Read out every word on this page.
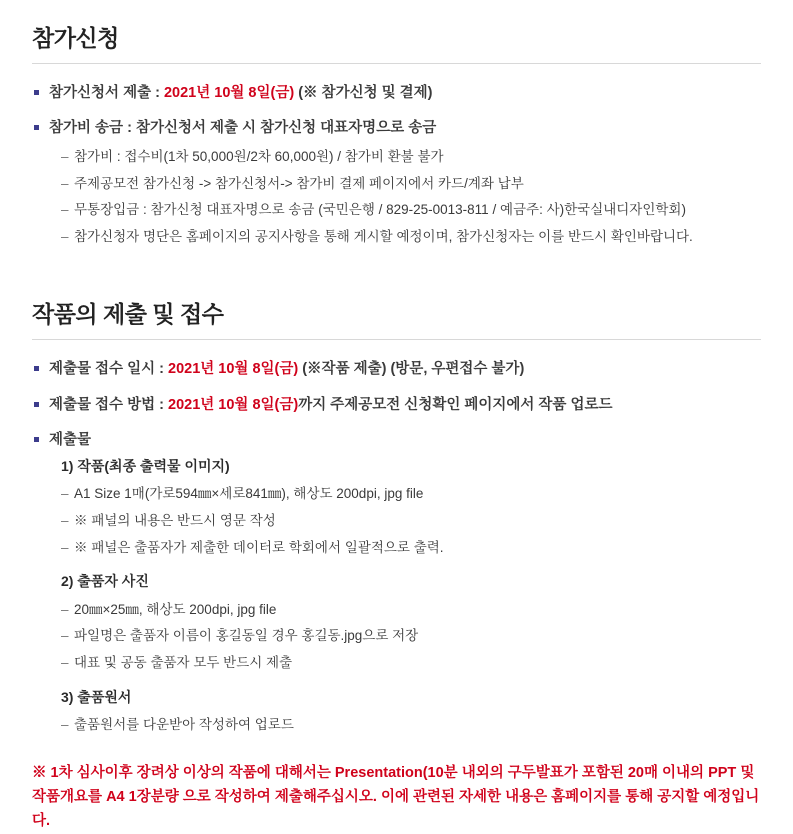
참가신청
참가신청서 제출 : 2021년 10월 8일(금) (※ 참가신청 및 결제)
참가비 송금 : 참가신청서 제출 시 참가신청 대표자명으로 송금
– 참가비 : 접수비(1차 50,000원/2차 60,000원) / 참가비 환불 불가
– 주제공모전 참가신청 -> 참가신청서-> 참가비 결제 페이지에서 카드/계좌 납부
– 무통장입금 : 참가신청 대표자명으로 송금 (국민은행 / 829-25-0013-811 / 예금주: 사)한국실내디자인학회)
– 참가신청자 명단은 홈페이지의 공지사항을 통해 게시할 예정이며, 참가신청자는 이를 반드시 확인바랍니다.
작품의 제출 및 접수
제출물 접수 일시 : 2021년 10월 8일(금) (※작품 제출) (방문, 우편접수 불가)
제출물 접수 방법 : 2021년 10월 8일(금)까지 주제공모전 신청확인 페이지에서 작품 업로드
제출물
1) 작품(최종 출력물 이미지)
– A1 Size 1매(가로594㎜×세로841㎜), 해상도 200dpi, jpg file
– ※ 패널의 내용은 반드시 영문 작성
– ※ 패널은 출품자가 제출한 데이터로 학회에서 일괄적으로 출력.
2) 출품자 사진
– 20㎜×25㎜, 해상도 200dpi, jpg file
– 파일명은 출품자 이름이 홍길동일 경우 홍길동.jpg으로 저장
– 대표 및 공동 출품자 모두 반드시 제출
3) 출품원서
– 출품원서를 다운받아 작성하여 업로드
※ 1차 심사이후 장려상 이상의 작품에 대해서는 Presentation(10분 내외의 구두발표가 포함된 20매 이내의 PPT 및 작품개요를 A4 1장분량 으로 작성하여 제출해주십시오. 이에 관련된 자세한 내용은 홈페이지를 통해 공지할 예정입니다.
